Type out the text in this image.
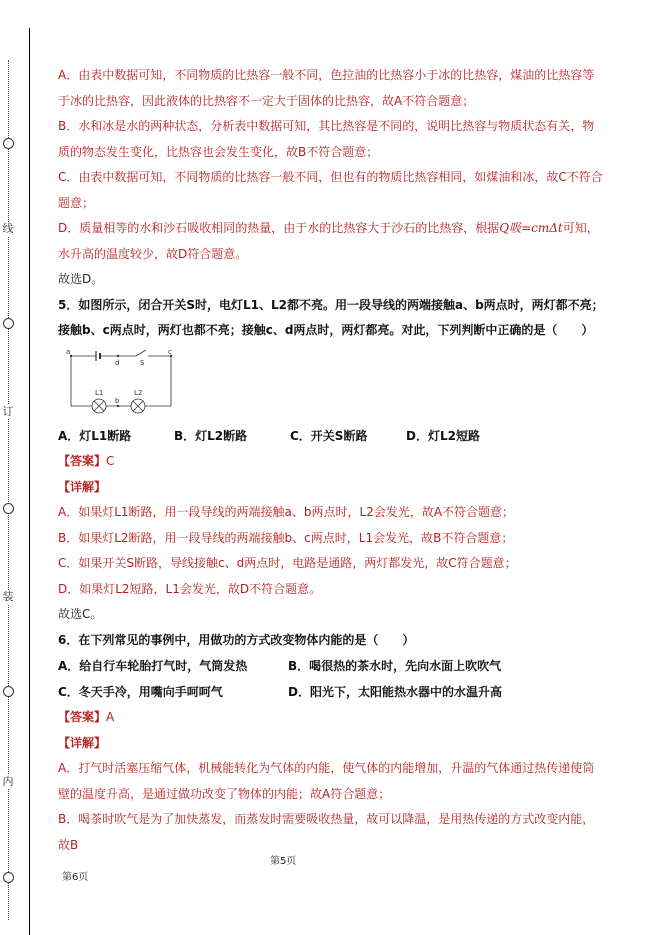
线
订
装
内

A．由表中数据可知，不同物质的比热容一般不同，色拉油的比热容小于冰的比热容，煤油的比热容等于冰的比热容，因此液体的比热容不一定大于固体的比热容，故A不符合题意；

B．水和冰是水的两种状态，分析表中数据可知，其比热容是不同的，说明比热容与物质状态有关，物质的物态发生变化，比热容也会发生变化，故B不符合题意；

C．由表中数据可知，不同物质的比热容一般不同，但也有的物质比热容相同，如煤油和冰，故C不符合题意；

D．质量相等的水和沙石吸收相同的热量，由于水的比热容大于沙石的比热容，根据Q吸=cmΔt可知，水升高的温度较少，故D符合题意。

故选D。

5．如图所示，闭合开关S时，电灯L1、L2都不亮。用一段导线的两端接触a、b两点时，两灯都不亮；接触b、c两点时，两灯也都不亮；接触c、d两点时，两灯都亮。对此，下列判断中正确的是（　　）

a
d	S
c
b
L1	L2
A．灯L1断路	B．灯L2断路	C．开关S断路	D．灯L2短路

【答案】C

【详解】

A．如果灯L1断路，用一段导线的两端接触a、b两点时，L2会发光，故A不符合题意；

B．如果灯L2断路，用一段导线的两端接触b、c两点时，L1会发光，故B不符合题意；

C．如果开关S断路，导线接触c、d两点时，电路是通路，两灯都发光，故C符合题意；

D．如果灯L2短路，L1会发光，故D不符合题意。

故选C。

6．在下列常见的事例中，用做功的方式改变物体内能的是（　　）

A．给自行车轮胎打气时，气筒发热	B．喝很热的茶水时，先向水面上吹吹气
C．冬天手冷，用嘴向手呵呵气	D．阳光下，太阳能热水器中的水温升高

【答案】A

【详解】

A．打气时活塞压缩气体，机械能转化为气体的内能，使气体的内能增加，升温的气体通过热传递使筒壁的温度升高，是通过做功改变了物体的内能；故A符合题意；

B．喝茶时吹气是为了加快蒸发，而蒸发时需要吸收热量，故可以降温，是用热传递的方式改变内能，故B

第5页
第6页
